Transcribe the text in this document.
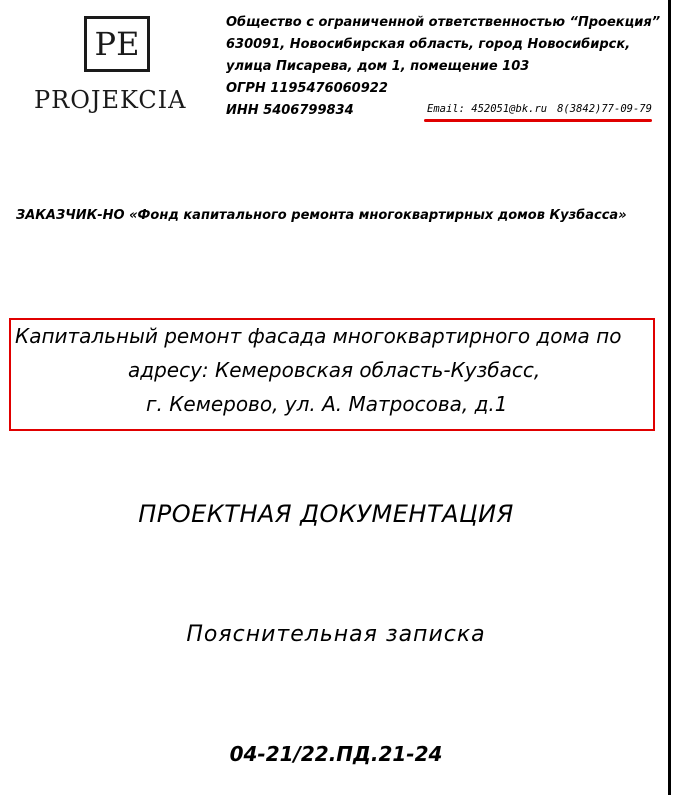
PE
PROJEKCIA
Общество с ограниченной ответственностью “Проекция”
630091, Новосибирская область, город Новосибирск,
улица Писарева, дом 1, помещение 103
ОГРН 1195476060922
ИНН 5406799834	Email: 452051@bk.ru 8(3842)77-09-79
ЗАКАЗЧИК-НО «Фонд капитального ремонта многоквартирных домов Кузбасса»
Капитальный ремонт фасада многоквартирного дома по
адресу: Кемеровская область-Кузбасс,
г. Кемерово, ул. А. Матросова, д.1
ПРОЕКТНАЯ ДОКУМЕНТАЦИЯ
Пояснительная записка
04-21/22.ПД.21-24
